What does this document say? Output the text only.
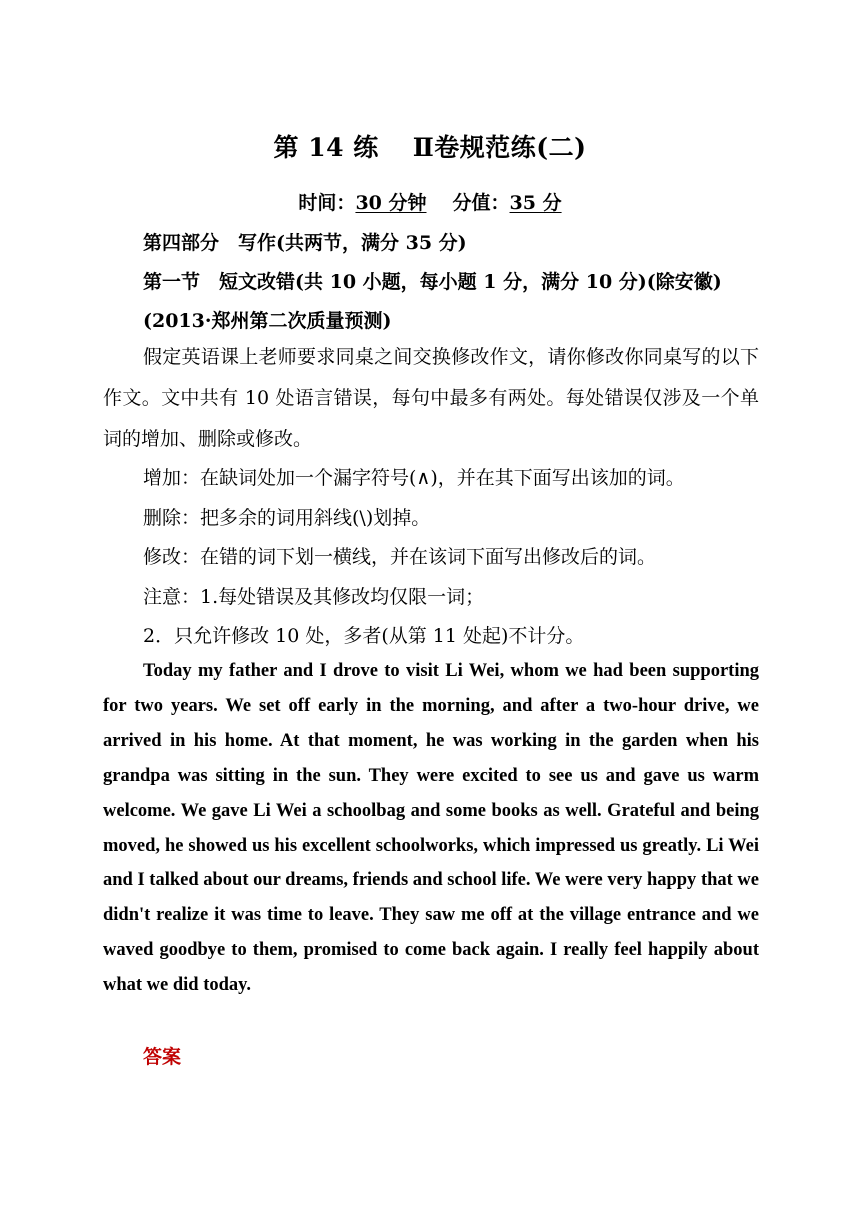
第 14 练 Ⅱ卷规范练(二)
时间：30 分钟 分值：35 分
第四部分　写作(共两节，满分 35 分)
第一节　短文改错(共 10 小题，每小题 1 分，满分 10 分)(除安徽)
(2013·郑州第二次质量预测)
假定英语课上老师要求同桌之间交换修改作文，请你修改你同桌写的以下作文。文中共有 10 处语言错误，每句中最多有两处。每处错误仅涉及一个单词的增加、删除或修改。
增加：在缺词处加一个漏字符号(∧)，并在其下面写出该加的词。
删除：把多余的词用斜线(\)划掉。
修改：在错的词下划一横线，并在该词下面写出修改后的词。
注意：1.每处错误及其修改均仅限一词；
2．只允许修改 10 处，多者(从第 11 处起)不计分。
Today my father and I drove to visit Li Wei, whom we had been supporting for two years. We set off early in the morning, and after a two-hour drive, we arrived in his home. At that moment, he was working in the garden when his grandpa was sitting in the sun. They were excited to see us and gave us warm welcome. We gave Li Wei a schoolbag and some books as well. Grateful and being moved, he showed us his excellent schoolworks, which impressed us greatly. Li Wei and I talked about our dreams, friends and school life. We were very happy that we didn't realize it was time to leave. They saw me off at the village entrance and we waved goodbye to them, promised to come back again. I really feel happily about what we did today.
答案
